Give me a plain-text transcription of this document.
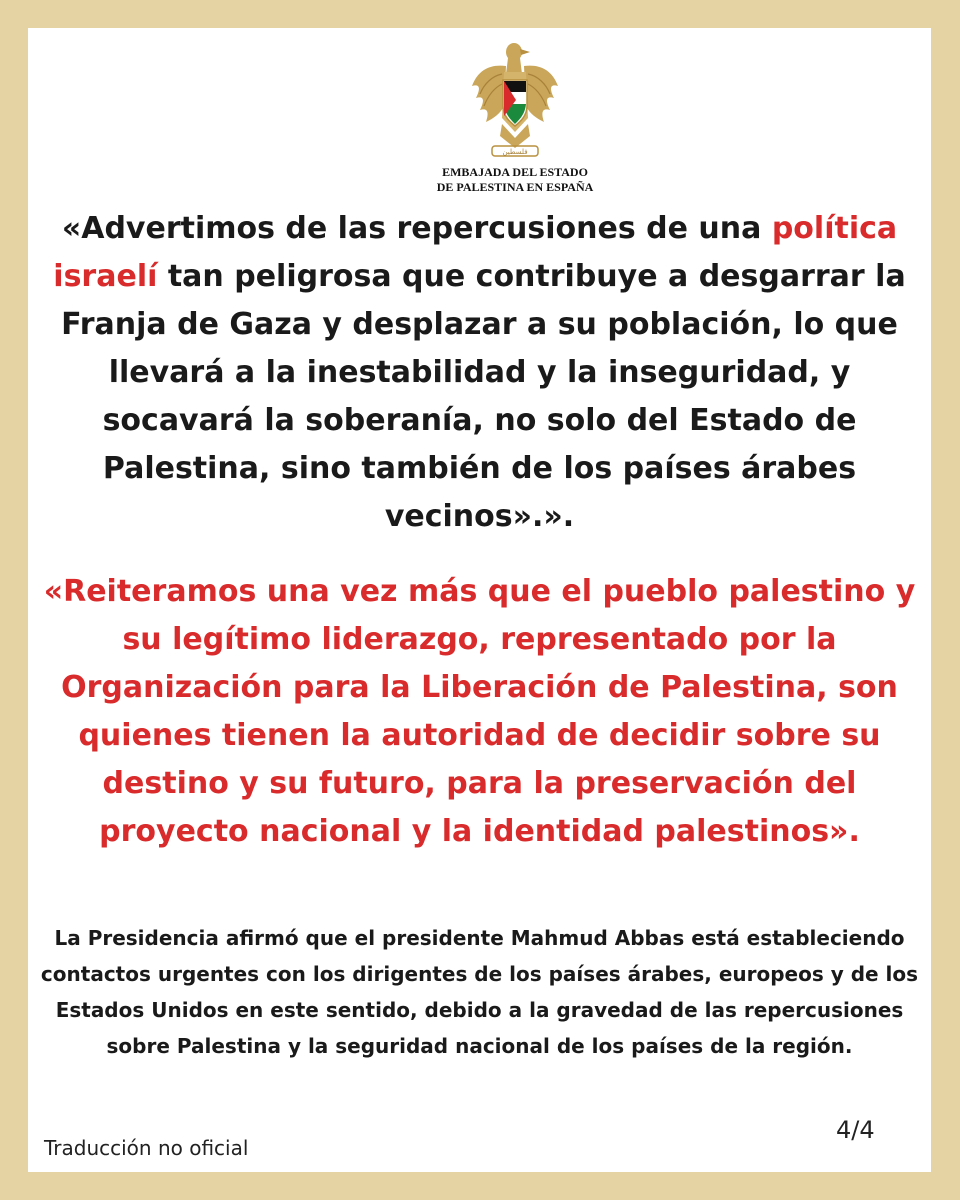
فلسطين
EMBAJADA DEL ESTADO
DE PALESTINA EN ESPAÑA

«Advertimos de las repercusiones de una política israelí tan peligrosa que contribuye a desgarrar la Franja de Gaza y desplazar a su población, lo que llevará a la inestabilidad y la inseguridad, y socavará la soberanía, no solo del Estado de Palestina, sino también de los países árabes vecinos».».

«Reiteramos una vez más que el pueblo palestino y su legítimo liderazgo, representado por la Organización para la Liberación de Palestina, son quienes tienen la autoridad de decidir sobre su destino y su futuro, para la preservación del proyecto nacional y la identidad palestinos».

La Presidencia afirmó que el presidente Mahmud Abbas está estableciendo contactos urgentes con los dirigentes de los países árabes, europeos y de los Estados Unidos en este sentido, debido a la gravedad de las repercusiones sobre Palestina y la seguridad nacional de los países de la región.

4/4
Traducción no oficial
